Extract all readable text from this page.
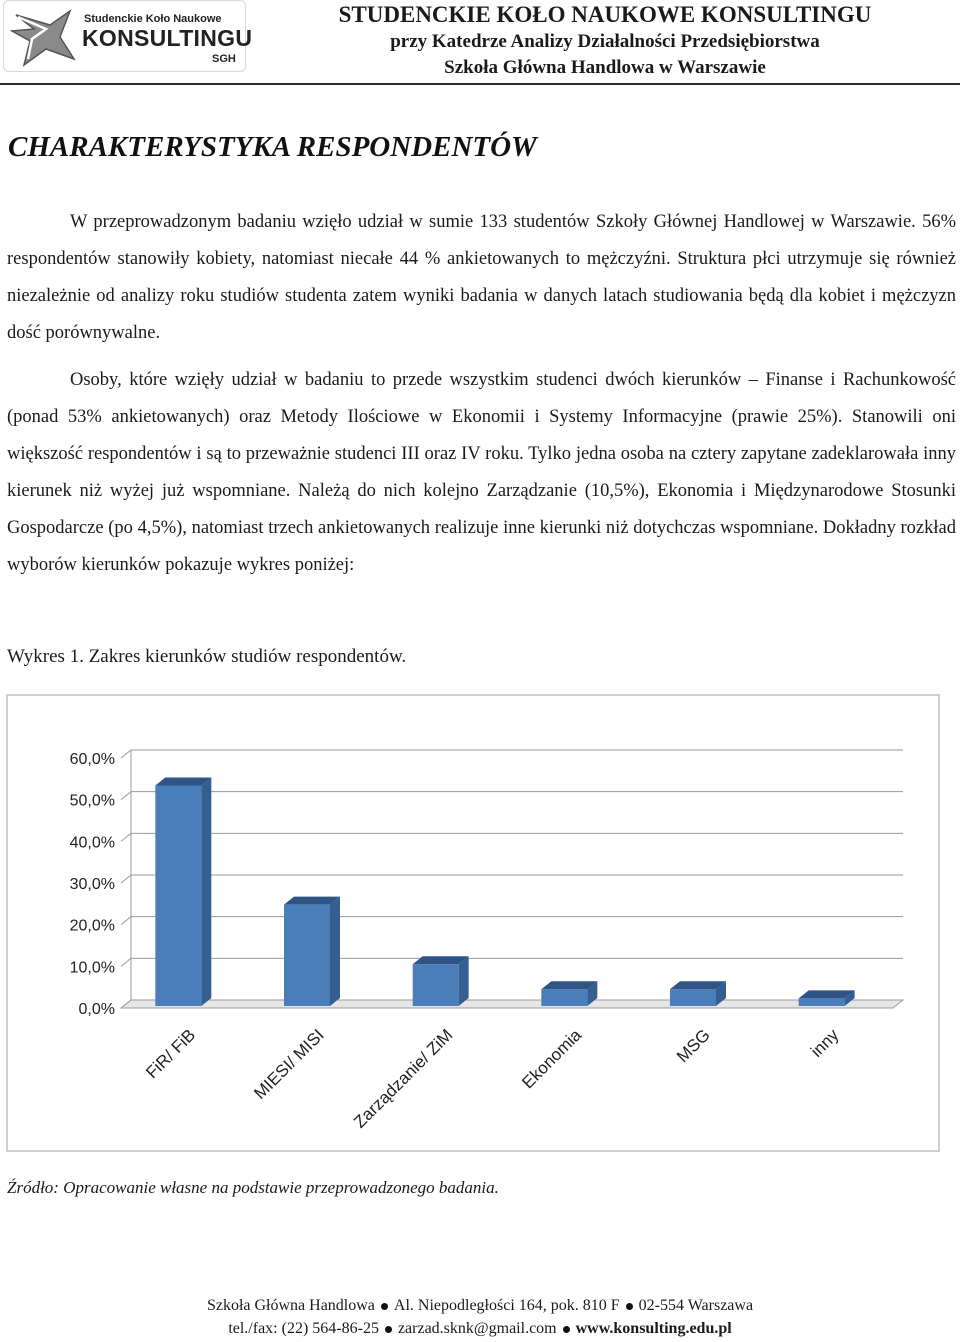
Studenckie Koło Naukowe
KONSULTINGU
SGH
STUDENCKIE KOŁO NAUKOWE KONSULTINGU
przy Katedrze Analizy Działalności Przedsiębiorstwa
Szkoła Główna Handlowa w Warszawie
CHARAKTERYSTYKA RESPONDENTÓW

W przeprowadzonym badaniu wzięło udział w sumie 133 studentów Szkoły Głównej Handlowej w Warszawie. 56% respondentów stanowiły kobiety, natomiast niecałe 44 % ankietowanych to mężczyźni. Struktura płci utrzymuje się również niezależnie od analizy roku studiów studenta zatem wyniki badania w danych latach studiowania będą dla kobiet i mężczyzn dość porównywalne.

Osoby, które wzięły udział w badaniu to przede wszystkim studenci dwóch kierunków – Finanse i Rachunkowość (ponad 53% ankietowanych) oraz Metody Ilościowe w Ekonomii i Systemy Informacyjne (prawie 25%). Stanowili oni większość respondentów i są to przeważnie studenci III oraz IV roku. Tylko jedna osoba na cztery zapytane zadeklarowała inny kierunek niż wyżej już wspomniane. Należą do nich kolejno Zarządzanie (10,5%), Ekonomia i Międzynarodowe Stosunki Gospodarcze (po 4,5%), natomiast trzech ankietowanych realizuje inne kierunki niż dotychczas wspomniane. Dokładny rozkład wyborów kierunków pokazuje wykres poniżej:

Wykres 1. Zakres kierunków studiów respondentów.
0,0%
10,0%
20,0%
30,0%
40,0%
50,0%
60,0%
FiR/ FiB	MIESI/ MISI Zarządzanie/ ZiM	Ekonomia	MSG	inny
Źródło: Opracowanie własne na podstawie przeprowadzonego badania.
Szkoła Główna Handlowa Al. Niepodległości 164, pok. 810 F 02-554 Warszawa
tel./fax: (22) 564-86-25 zarzad.sknk@gmail.com www.konsulting.edu.pl
